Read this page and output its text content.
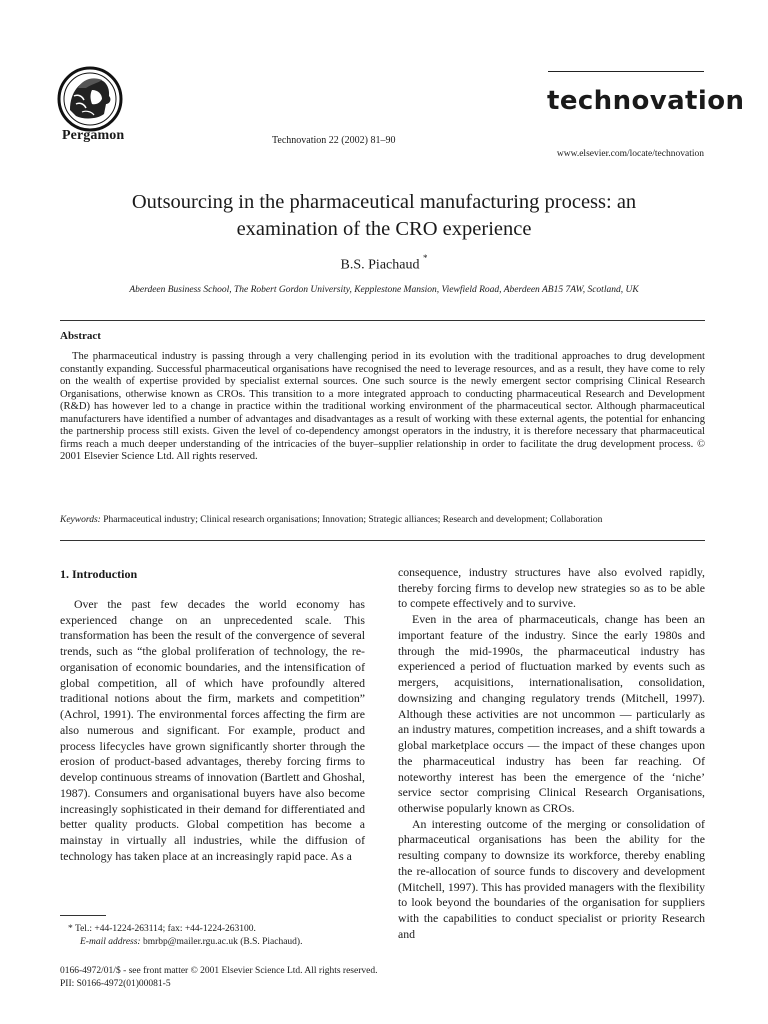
Pergamon	Technovation 22 (2002) 81–90
technovation
www.elsevier.com/locate/technovation
Outsourcing in the pharmaceutical manufacturing process: an
examination of the CRO experience
B.S. Piachaud *
Aberdeen Business School, The Robert Gordon University, Kepplestone Mansion, Viewfield Road, Aberdeen AB15 7AW, Scotland, UK
Abstract
The pharmaceutical industry is passing through a very challenging period in its evolution with the traditional approaches to drug development constantly expanding. Successful pharmaceutical organisations have recognised the need to leverage resources, and as a result, they have come to rely on the wealth of expertise provided by specialist external sources. One such source is the newly emergent sector comprising Clinical Research Organisations, otherwise known as CROs. This transition to a more integrated approach to conducting pharmaceutical Research and Development (R&D) has however led to a change in practice within the traditional working environment of the pharmaceutical sector. Although pharmaceutical manufacturers have identified a number of advantages and disadvantages as a result of working with these external agents, the potential for enhancing the partnership process still exists. Given the level of co-dependency amongst operators in the industry, it is therefore necessary that pharmaceutical firms reach a much deeper understanding of the intricacies of the buyer–supplier relationship in order to facilitate the drug development process. © 2001 Elsevier Science Ltd. All rights reserved.
Keywords: Pharmaceutical industry; Clinical research organisations; Innovation; Strategic alliances; Research and development; Collaboration
1. Introduction

Over the past few decades the world economy has experienced change on an unprecedented scale. This transformation has been the result of the convergence of several trends, such as “the global proliferation of technology, the re-organisation of economic boundaries, and the intensification of global competition, all of which have profoundly altered traditional notions about the firm, markets and competition” (Achrol, 1991). The environmental forces affecting the firm are also numerous and significant. For example, product and process lifecycles have grown significantly shorter through the erosion of product-based advantages, thereby forcing firms to develop continuous streams of innovation (Bartlett and Ghoshal, 1987). Consumers and organisational buyers have also become increasingly sophisticated in their demand for differentiated and better quality products. Global competition has become a mainstay in virtually all industries, while the diffusion of technology has taken place at an increasingly rapid pace. As a

consequence, industry structures have also evolved rapidly, thereby forcing firms to develop new strategies so as to be able to compete effectively and to survive.

Even in the area of pharmaceuticals, change has been an important feature of the industry. Since the early 1980s and through the mid-1990s, the pharmaceutical industry has experienced a period of fluctuation marked by events such as mergers, acquisitions, internationalisation, consolidation, downsizing and changing regulatory trends (Mitchell, 1997). Although these activities are not uncommon — particularly as an industry matures, competition increases, and a shift towards a global marketplace occurs — the impact of these changes upon the pharmaceutical industry has been far reaching. Of noteworthy interest has been the emergence of the ‘niche’ service sector comprising Clinical Research Organisations, otherwise popularly known as CROs.

An interesting outcome of the merging or consolidation of pharmaceutical organisations has been the ability for the resulting company to downsize its workforce, thereby enabling the re-allocation of source funds to discovery and development (Mitchell, 1997). This has provided managers with the flexibility to look beyond the boundaries of the organisation for suppliers with the capabilities to conduct specialist or priority Research and

* Tel.: +44-1224-263114; fax: +44-1224-263100.
E-mail address: bmrbp@mailer.rgu.ac.uk (B.S. Piachaud).
0166-4972/01/$ - see front matter © 2001 Elsevier Science Ltd. All rights reserved.
PII: S0166-4972(01)00081-5
